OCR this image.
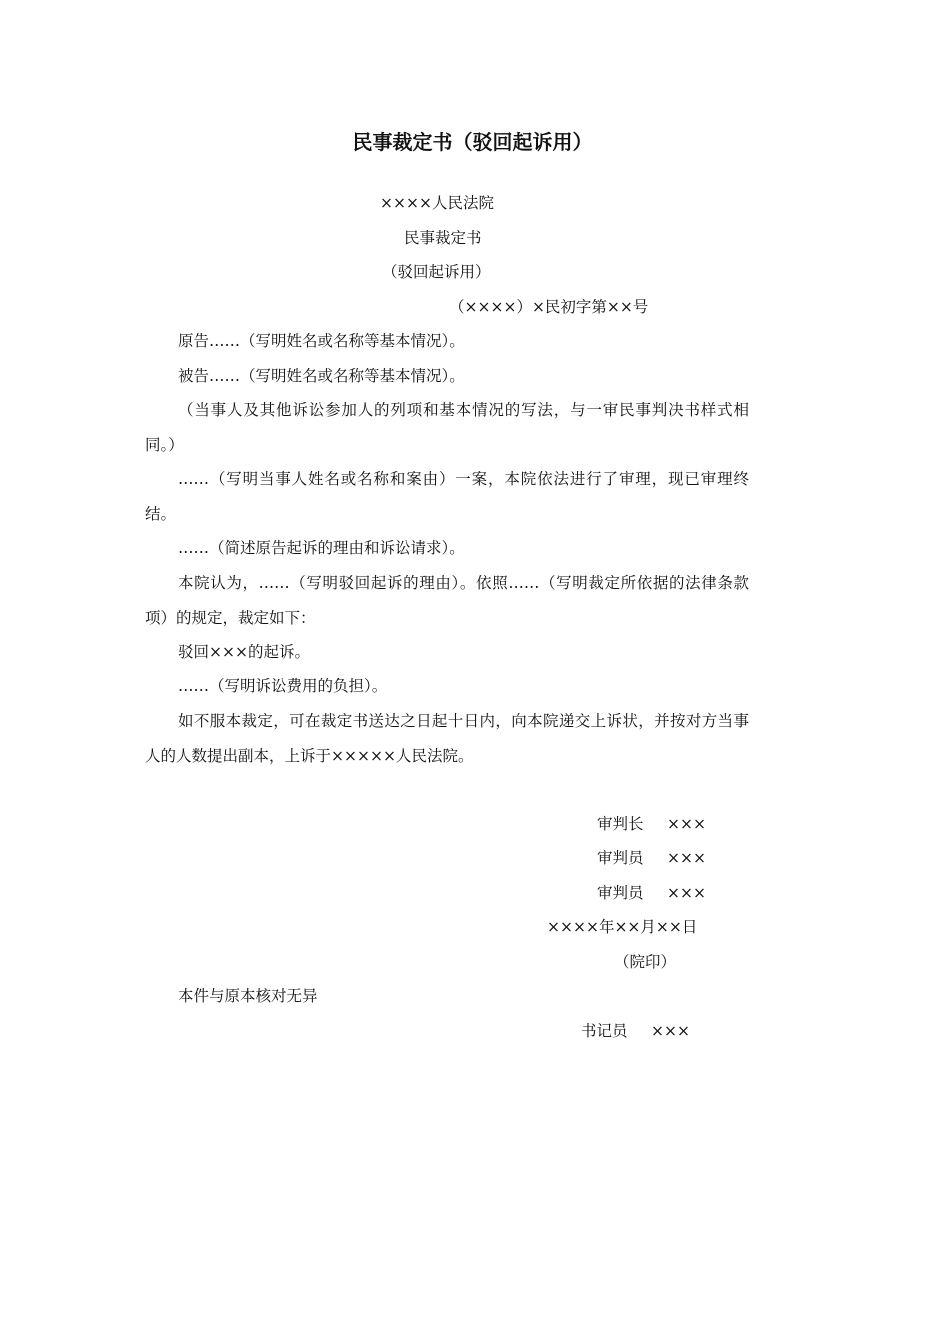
民事裁定书（驳回起诉用）
××××人民法院
民事裁定书
（驳回起诉用）
（××××）×民初字第××号
原告……（写明姓名或名称等基本情况）。
被告……（写明姓名或名称等基本情况）。
（当事人及其他诉讼参加人的列项和基本情况的写法，与一审民事判决书样式相同。）
……（写明当事人姓名或名称和案由）一案，本院依法进行了审理，现已审理终结。
……（简述原告起诉的理由和诉讼请求）。
本院认为，……（写明驳回起诉的理由）。依照……（写明裁定所依据的法律条款项）的规定，裁定如下：
驳回×××的起诉。
……（写明诉讼费用的负担）。
如不服本裁定，可在裁定书送达之日起十日内，向本院递交上诉状，并按对方当事人的人数提出副本，上诉于×××××人民法院。
审判长 ×××
审判员 ×××
审判员 ×××
××××年××月××日
（院印）
本件与原本核对无异
书记员 ×××
